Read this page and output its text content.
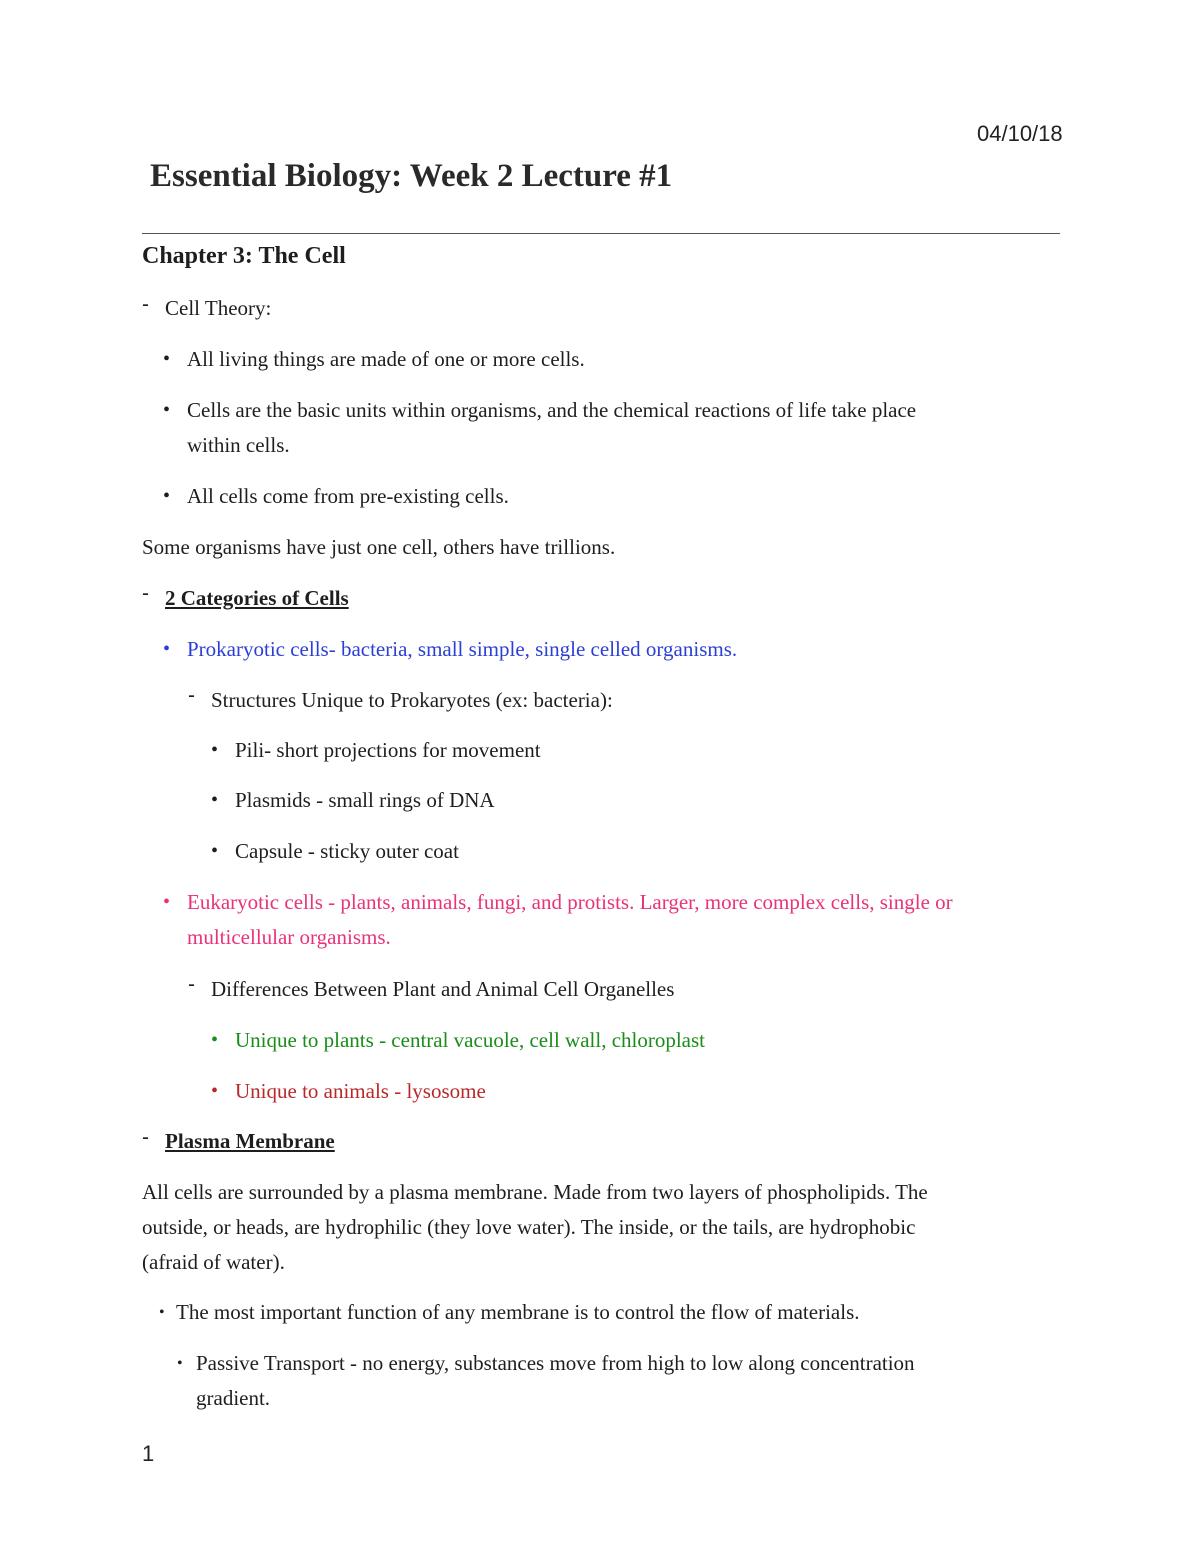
04/10/18
Essential Biology: Week 2 Lecture #1
Chapter 3: The Cell
- Cell Theory:
• All living things are made of one or more cells.
• Cells are the basic units within organisms, and the chemical reactions of life take place
within cells.
• All cells come from pre-existing cells.
Some organisms have just one cell, others have trillions.
- 2 Categories of Cells
• Prokaryotic cells- bacteria, small simple, single celled organisms.
- Structures Unique to Prokaryotes (ex: bacteria):
• Pili- short projections for movement
• Plasmids - small rings of DNA
• Capsule - sticky outer coat
• Eukaryotic cells - plants, animals, fungi, and protists. Larger, more complex cells, single or
multicellular organisms.
- Differences Between Plant and Animal Cell Organelles
• Unique to plants - central vacuole, cell wall, chloroplast
• Unique to animals - lysosome
- Plasma Membrane
All cells are surrounded by a plasma membrane. Made from two layers of phospholipids. The
outside, or heads, are hydrophilic (they love water). The inside, or the tails, are hydrophobic
(afraid of water).
• The most important function of any membrane is to control the flow of materials.
• Passive Transport - no energy, substances move from high to low along concentration
gradient.
1
